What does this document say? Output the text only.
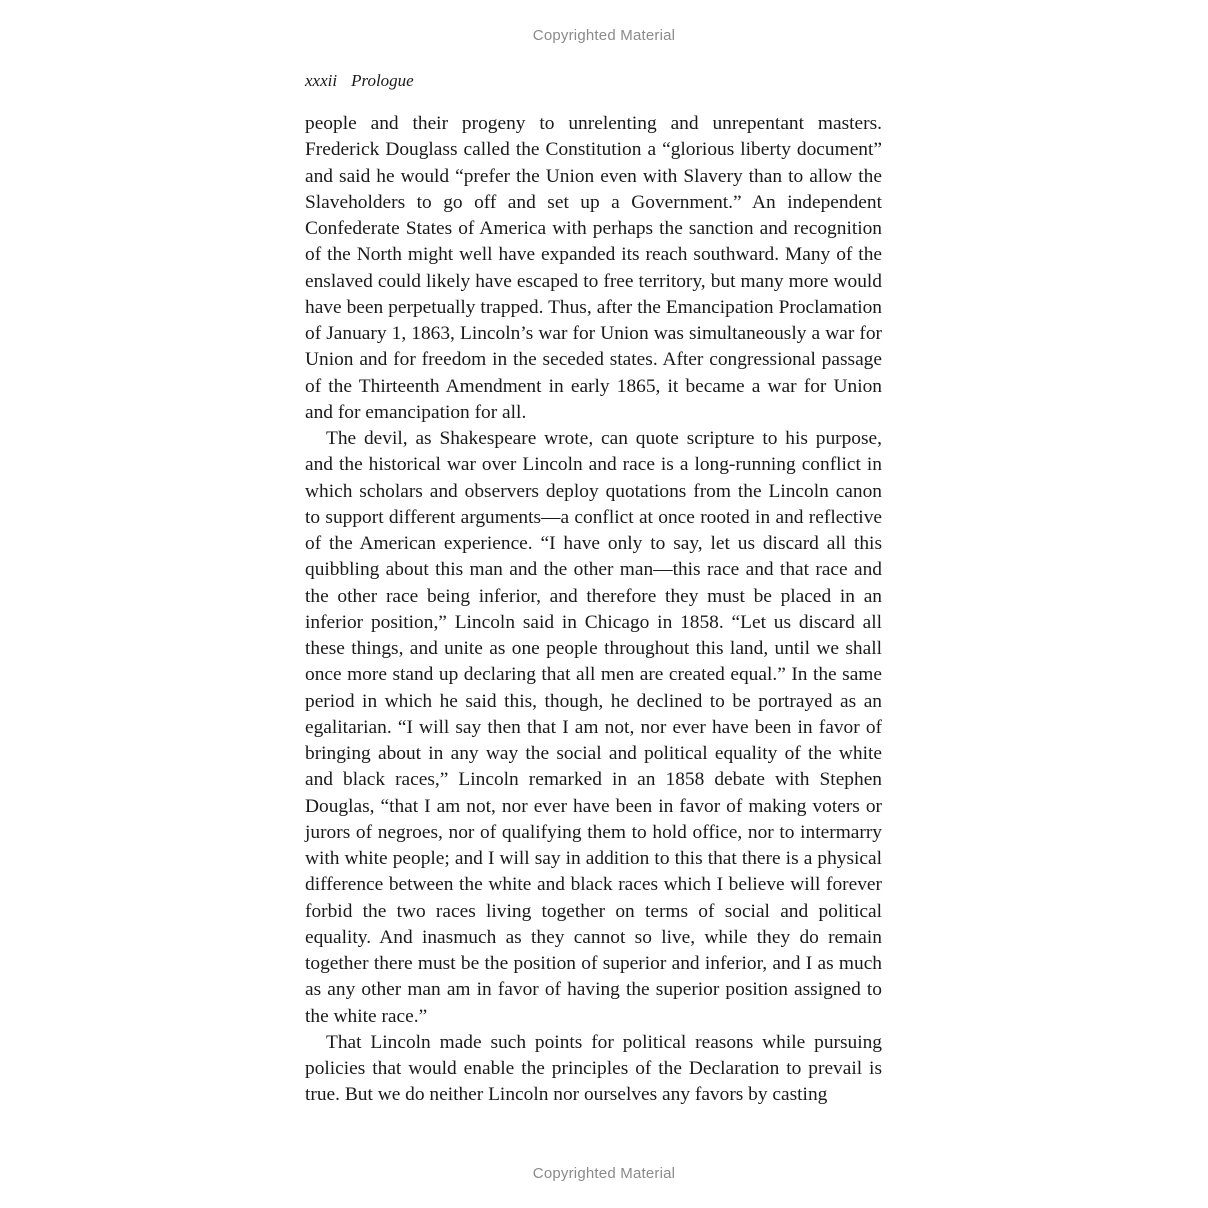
Copyrighted Material
xxxii Prologue

people and their progeny to unrelenting and unrepentant masters. Frederick Douglass called the Constitution a “glorious liberty document” and said he would “prefer the Union even with Slavery than to allow the Slaveholders to go off and set up a Government.” An independent Confederate States of America with perhaps the sanction and recognition of the North might well have expanded its reach southward. Many of the enslaved could likely have escaped to free territory, but many more would have been perpetually trapped. Thus, after the Emancipation Proclamation of January 1, 1863, Lincoln’s war for Union was simultaneously a war for Union and for freedom in the seceded states. After congressional passage of the Thirteenth Amendment in early 1865, it became a war for Union and for emancipation for all.

The devil, as Shakespeare wrote, can quote scripture to his purpose, and the historical war over Lincoln and race is a long-running conflict in which scholars and observers deploy quotations from the Lincoln canon to support different arguments—a conflict at once rooted in and reflective of the American experience. “I have only to say, let us discard all this quibbling about this man and the other man—this race and that race and the other race being inferior, and therefore they must be placed in an inferior position,” Lincoln said in Chicago in 1858. “Let us discard all these things, and unite as one people throughout this land, until we shall once more stand up declaring that all men are created equal.” In the same period in which he said this, though, he declined to be portrayed as an egalitarian. “I will say then that I am not, nor ever have been in favor of bringing about in any way the social and political equality of the white and black races,” Lincoln remarked in an 1858 debate with Stephen Douglas, “that I am not, nor ever have been in favor of making voters or jurors of negroes, nor of qualifying them to hold office, nor to intermarry with white people; and I will say in addition to this that there is a physical difference between the white and black races which I believe will forever forbid the two races living together on terms of social and political equality. And inasmuch as they cannot so live, while they do remain together there must be the position of superior and inferior, and I as much as any other man am in favor of having the superior position assigned to the white race.”

That Lincoln made such points for political reasons while pursuing policies that would enable the principles of the Declaration to prevail is true. But we do neither Lincoln nor ourselves any favors by casting

Copyrighted Material
